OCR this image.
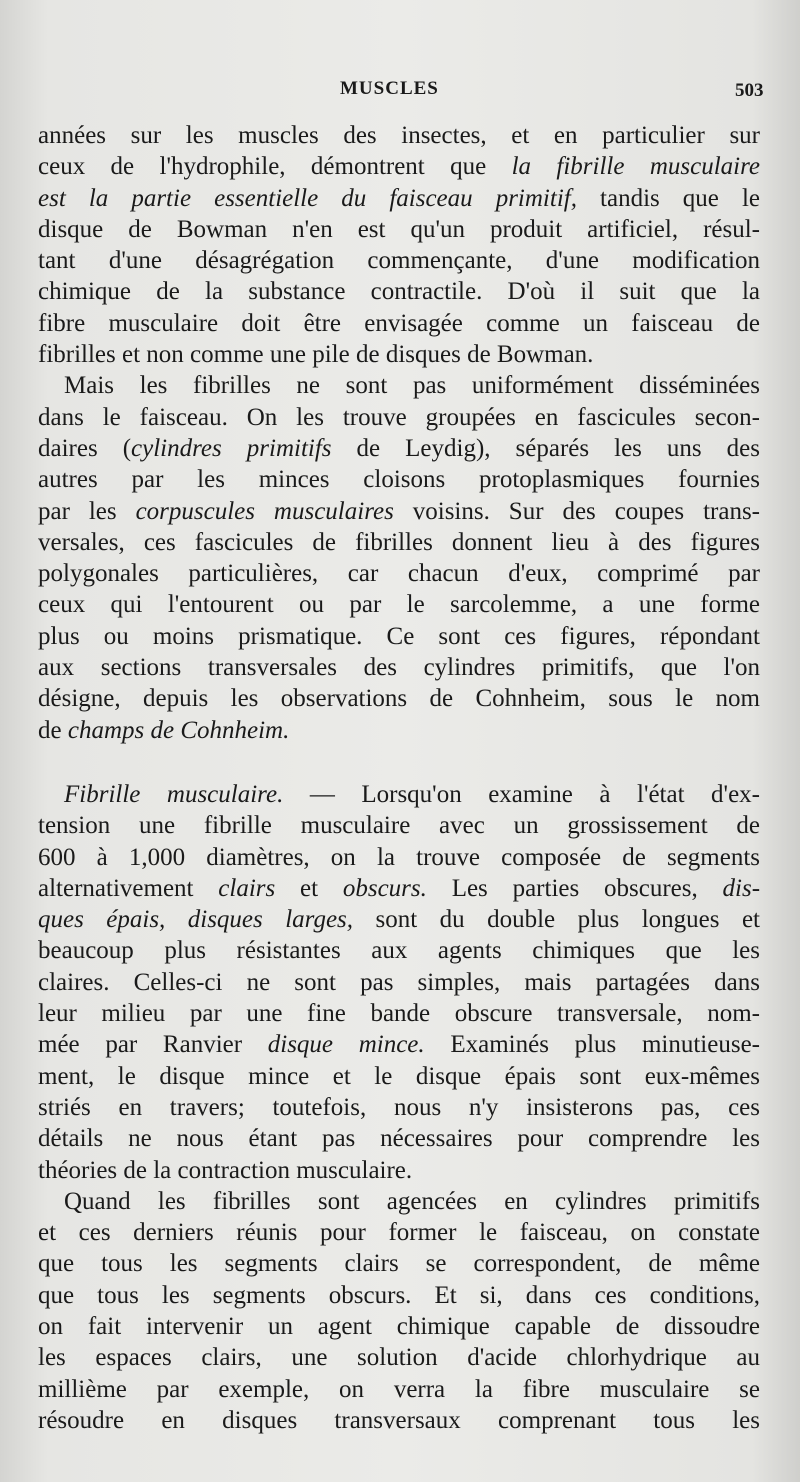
MUSCLES	503
années sur les muscles des insectes, et en particulier sur
ceux de l'hydrophile, démontrent que la fibrille musculaire
est la partie essentielle du faisceau primitif, tandis que le
disque de Bowman n'en est qu'un produit artificiel, résul-
tant d'une désagrégation commençante, d'une modification
chimique de la substance contractile. D'où il suit que la
fibre musculaire doit être envisagée comme un faisceau de
fibrilles et non comme une pile de disques de Bowman.
Mais les fibrilles ne sont pas uniformément disséminées
dans le faisceau. On les trouve groupées en fascicules secon-
daires (cylindres primitifs de Leydig), séparés les uns des
autres par les minces cloisons protoplasmiques fournies
par les corpuscules musculaires voisins. Sur des coupes trans-
versales, ces fascicules de fibrilles donnent lieu à des figures
polygonales particulières, car chacun d'eux, comprimé par
ceux qui l'entourent ou par le sarcolemme, a une forme
plus ou moins prismatique. Ce sont ces figures, répondant
aux sections transversales des cylindres primitifs, que l'on
désigne, depuis les observations de Cohnheim, sous le nom
de champs de Cohnheim.
Fibrille musculaire. — Lorsqu'on examine à l'état d'ex-
tension une fibrille musculaire avec un grossissement de
600 à 1,000 diamètres, on la trouve composée de segments
alternativement clairs et obscurs. Les parties obscures, dis-
ques épais, disques larges, sont du double plus longues et
beaucoup plus résistantes aux agents chimiques que les
claires. Celles-ci ne sont pas simples, mais partagées dans
leur milieu par une fine bande obscure transversale, nom-
mée par Ranvier disque mince. Examinés plus minutieuse-
ment, le disque mince et le disque épais sont eux-mêmes
striés en travers; toutefois, nous n'y insisterons pas, ces
détails ne nous étant pas nécessaires pour comprendre les
théories de la contraction musculaire.
Quand les fibrilles sont agencées en cylindres primitifs
et ces derniers réunis pour former le faisceau, on constate
que tous les segments clairs se correspondent, de même
que tous les segments obscurs. Et si, dans ces conditions,
on fait intervenir un agent chimique capable de dissoudre
les espaces clairs, une solution d'acide chlorhydrique au
millième par exemple, on verra la fibre musculaire se
résoudre en disques transversaux comprenant tous les
